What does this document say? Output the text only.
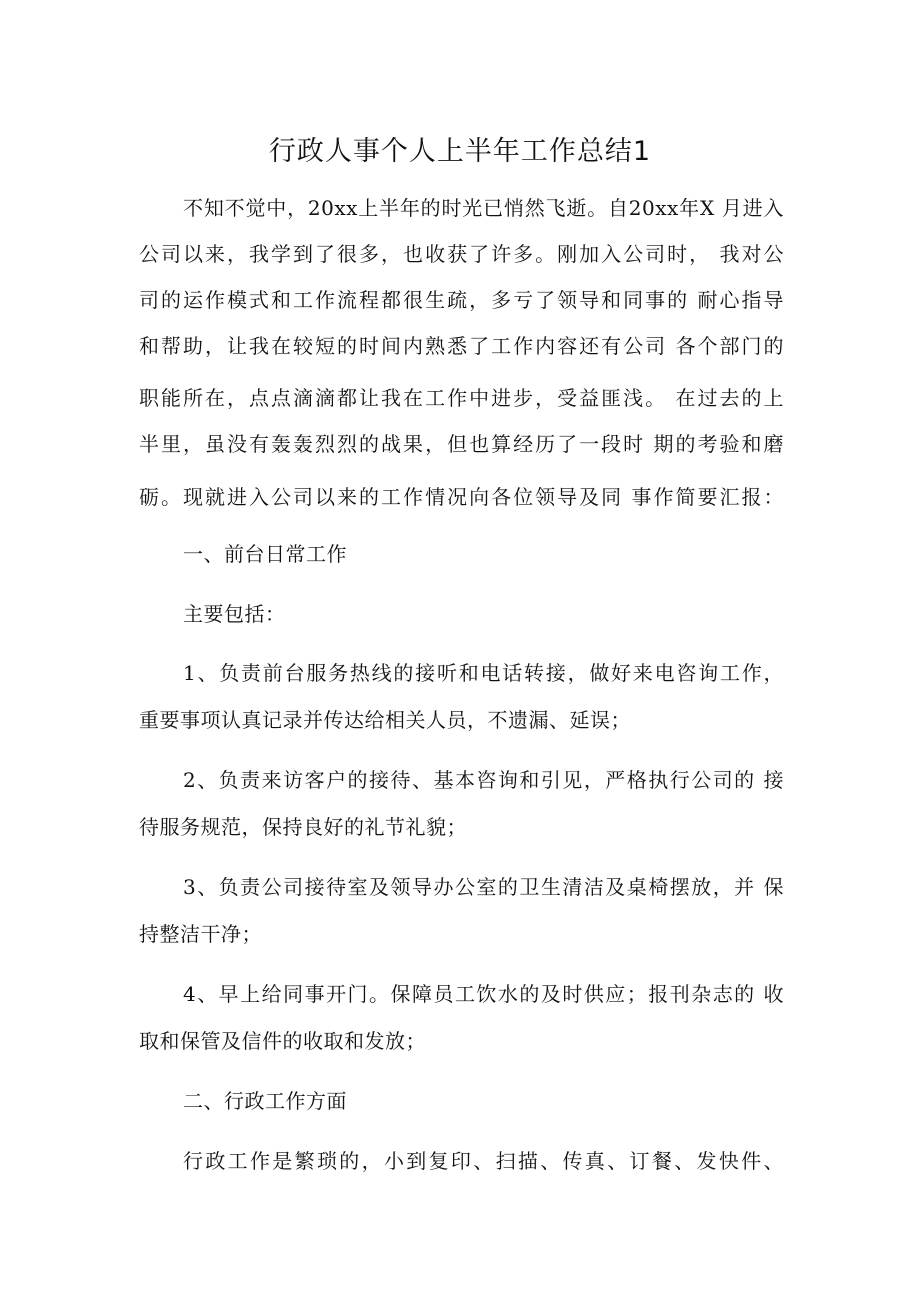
行政人事个人上半年工作总结1
不知不觉中，20xx上半年的时光已悄然飞逝。自20xx年X 月进入
公司以来，我学到了很多，也收获了许多。刚加入公司时， 我对公
司的运作模式和工作流程都很生疏，多亏了领导和同事的 耐心指导
和帮助，让我在较短的时间内熟悉了工作内容还有公司 各个部门的
职能所在，点点滴滴都让我在工作中进步，受益匪浅。 在过去的上
半里，虽没有轰轰烈烈的战果，但也算经历了一段时 期的考验和磨
砺。现就进入公司以来的工作情况向各位领导及同 事作简要汇报：
一、前台日常工作
主要包括：
1、负责前台服务热线的接听和电话转接，做好来电咨询工作，
重要事项认真记录并传达给相关人员，不遗漏、延误；
2、负责来访客户的接待、基本咨询和引见，严格执行公司的 接
待服务规范，保持良好的礼节礼貌；
3、负责公司接待室及领导办公室的卫生清洁及桌椅摆放，并 保
持整洁干净；
4、早上给同事开门。保障员工饮水的及时供应；报刊杂志的 收
取和保管及信件的收取和发放；
二、行政工作方面
行政工作是繁琐的，小到复印、扫描、传真、订餐、发快件、
